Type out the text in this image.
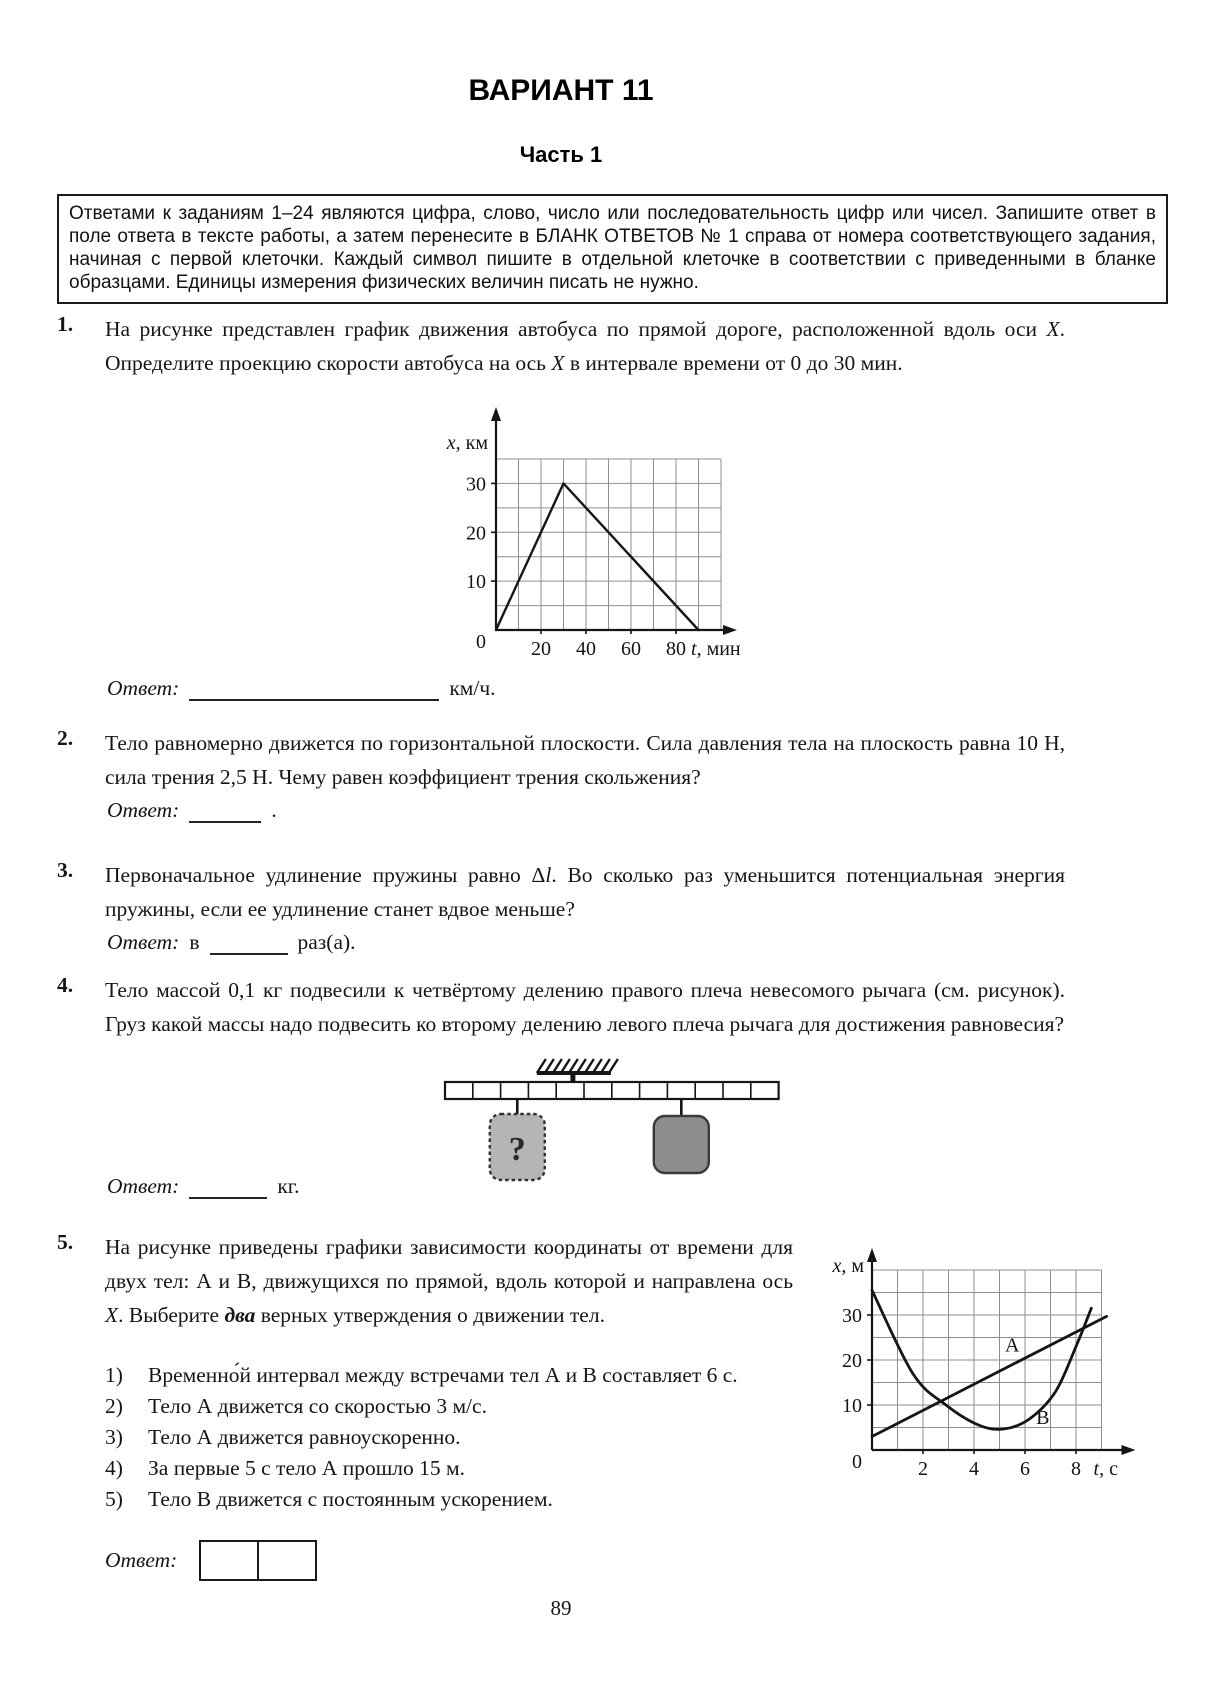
ВАРИАНТ 11
Часть 1
Ответами к заданиям 1–24 являются цифра, слово, число или последовательность цифр или чисел. Запишите ответ в поле ответа в тексте работы, а затем перенесите в БЛАНК ОТВЕТОВ № 1 справа от номера соответствующего задания, начиная с первой клеточки. Каждый символ пишите в отдельной клеточке в соответствии с приведенными в бланке образцами. Единицы измерения физических величин писать не нужно.
1. На рисунке представлен график движения автобуса по прямой дороге, расположенной вдоль оси X. Определите проекцию скорости автобуса на ось X в интервале времени от 0 до 30 мин.
20 40 60 80
10
20
30
0
x, км
t, мин
Ответ:	км/ч.
2. Тело равномерно движется по горизонтальной плоскости. Сила давления тела на плоскость равна 10 Н, сила трения 2,5 Н. Чему равен коэффициент трения скольжения?
Ответ:	.
3. Первоначальное удлинение пружины равно Δl. Во сколько раз уменьшится потенциальная энергия пружины, если ее удлинение станет вдвое меньше?
Ответ: в	раз(а).
4. Тело массой 0,1 кг подвесили к четвёртому делению правого плеча невесомого рычага (см. рисунок). Груз какой массы надо подвесить ко второму делению левого плеча рычага для достижения равновесия?
?
Ответ:	кг.
5. На рисунке приведены графики зависимости координаты от времени для двух тел: А и В, движущихся по прямой, вдоль которой и направлена ось X. Выберите два верных утверждения о движении тел.
2 4 6 8
10
20
30
0
x, м
t, с
A
B
1)	Временно́й интервал между встречами тел А и В составляет 6 с.
2)	Тело А движется со скоростью 3 м/с.
3)	Тело А движется равноускоренно.
4)	За первые 5 с тело А прошло 15 м.
5)	Тело В движется с постоянным ускорением.
Ответ:
89
